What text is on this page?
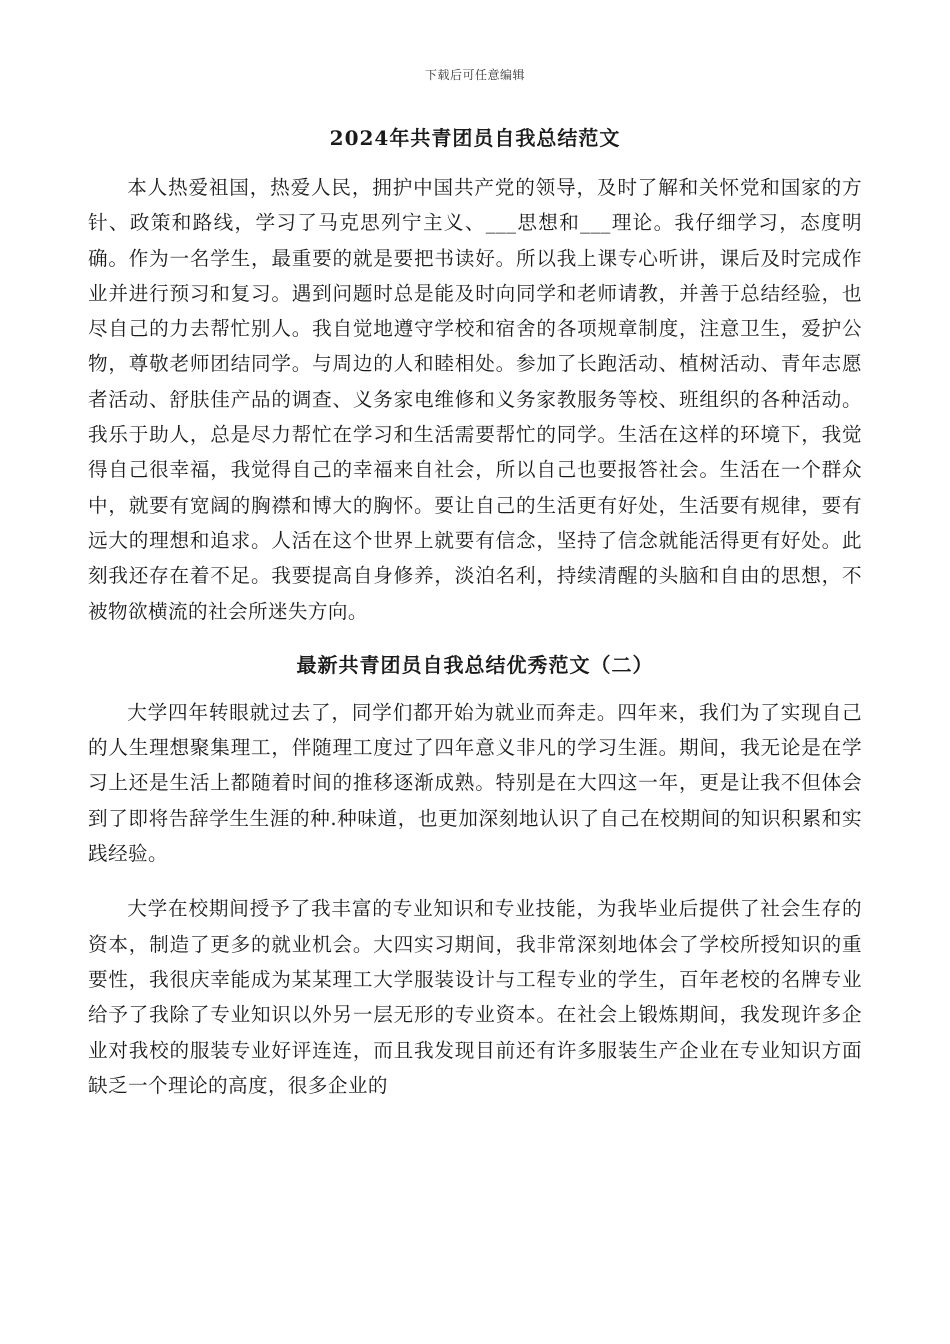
下载后可任意编辑
2024年共青团员自我总结范文

本人热爱祖国，热爱人民，拥护中国共产党的领导，及时了解和关怀党和国家的方针、政策和路线，学习了马克思列宁主义、___思想和___理论。我仔细学习，态度明确。作为一名学生，最重要的就是要把书读好。所以我上课专心听讲，课后及时完成作业并进行预习和复习。遇到问题时总是能及时向同学和老师请教，并善于总结经验，也尽自己的力去帮忙别人。我自觉地遵守学校和宿舍的各项规章制度，注意卫生，爱护公物，尊敬老师团结同学。与周边的人和睦相处。参加了长跑活动、植树活动、青年志愿者活动、舒肤佳产品的调查、义务家电维修和义务家教服务等校、班组织的各种活动。我乐于助人，总是尽力帮忙在学习和生活需要帮忙的同学。生活在这样的环境下，我觉得自己很幸福，我觉得自己的幸福来自社会，所以自己也要报答社会。生活在一个群众中，就要有宽阔的胸襟和博大的胸怀。要让自己的生活更有好处，生活要有规律，要有远大的理想和追求。人活在这个世界上就要有信念，坚持了信念就能活得更有好处。此刻我还存在着不足。我要提高自身修养，淡泊名利，持续清醒的头脑和自由的思想，不被物欲横流的社会所迷失方向。

最新共青团员自我总结优秀范文（二）

大学四年转眼就过去了，同学们都开始为就业而奔走。四年来，我们为了实现自己的人生理想聚集理工，伴随理工度过了四年意义非凡的学习生涯。期间，我无论是在学习上还是生活上都随着时间的推移逐渐成熟。特别是在大四这一年，更是让我不但体会到了即将告辞学生生涯的种.种味道，也更加深刻地认识了自己在校期间的知识积累和实践经验。

大学在校期间授予了我丰富的专业知识和专业技能，为我毕业后提供了社会生存的资本，制造了更多的就业机会。大四实习期间，我非常深刻地体会了学校所授知识的重要性，我很庆幸能成为某某理工大学服装设计与工程专业的学生，百年老校的名牌专业给予了我除了专业知识以外另一层无形的专业资本。在社会上锻炼期间，我发现许多企业对我校的服装专业好评连连，而且我发现目前还有许多服装生产企业在专业知识方面缺乏一个理论的高度，很多企业的
